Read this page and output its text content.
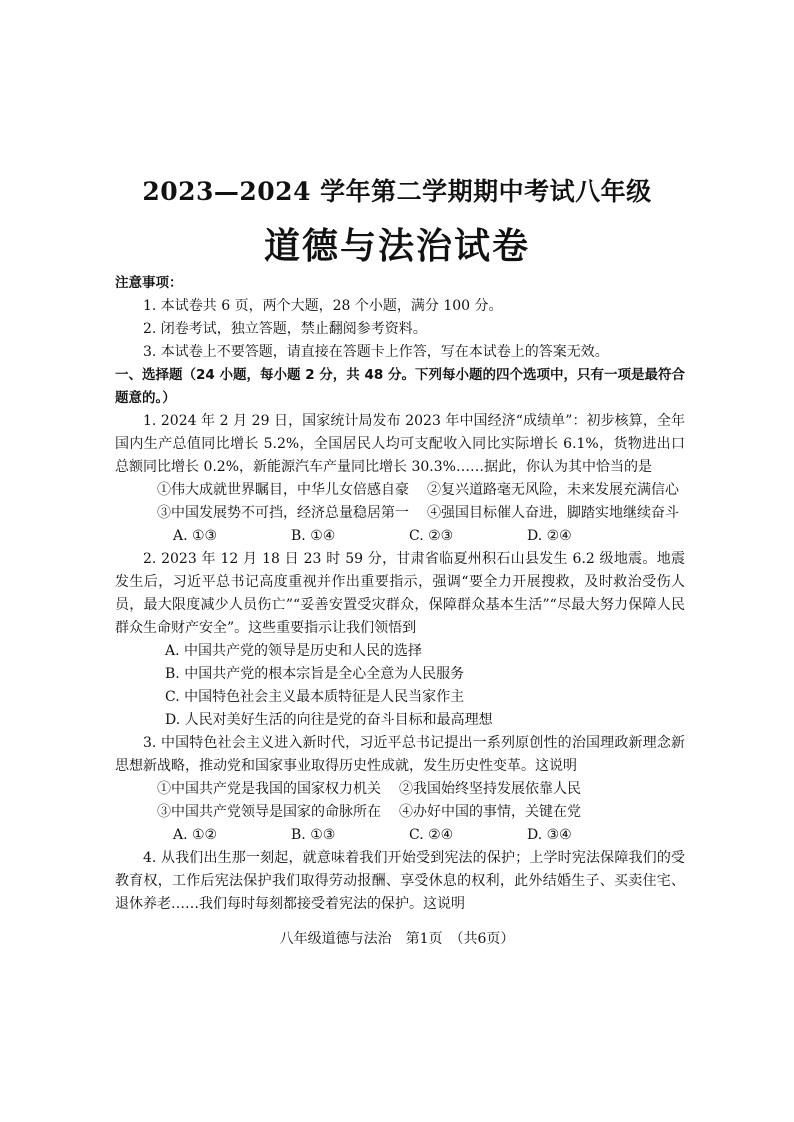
2023—2024 学年第二学期期中考试八年级
道德与法治试卷

注意事项：

1. 本试卷共 6 页，两个大题，28 个小题，满分 100 分。

2. 闭卷考试，独立答题，禁止翻阅参考资料。

3. 本试卷上不要答题，请直接在答题卡上作答，写在本试卷上的答案无效。

一、选择题（24 小题，每小题 2 分，共 48 分。下列每小题的四个选项中，只有一项是最符合题意的。）

1. 2024 年 2 月 29 日，国家统计局发布 2023 年中国经济“成绩单”：初步核算，全年国内生产总值同比增长 5.2%，全国居民人均可支配收入同比实际增长 6.1%，货物进出口总额同比增长 0.2%，新能源汽车产量同比增长 30.3%……据此，你认为其中恰当的是

①伟大成就世界瞩目，中华儿女倍感自豪 ②复兴道路毫无风险，未来发展充满信心
③中国发展势不可挡，经济总量稳居第一 ④强国目标催人奋进，脚踏实地继续奋斗
A. ①③	B. ①④	C. ②③	D. ②④

2. 2023 年 12 月 18 日 23 时 59 分，甘肃省临夏州积石山县发生 6.2 级地震。地震发生后，习近平总书记高度重视并作出重要指示，强调“要全力开展搜救，及时救治受伤人员，最大限度减少人员伤亡”“妥善安置受灾群众，保障群众基本生活”“尽最大努力保障人民群众生命财产安全”。这些重要指示让我们领悟到

A. 中国共产党的领导是历史和人民的选择

B. 中国共产党的根本宗旨是全心全意为人民服务

C. 中国特色社会主义最本质特征是人民当家作主

D. 人民对美好生活的向往是党的奋斗目标和最高理想

3. 中国特色社会主义进入新时代，习近平总书记提出一系列原创性的治国理政新理念新思想新战略，推动党和国家事业取得历史性成就，发生历史性变革。这说明

①中国共产党是我国的国家权力机关 ②我国始终坚持发展依靠人民
③中国共产党领导是国家的命脉所在 ④办好中国的事情，关键在党
A. ①②	B. ①③	C. ②④	D. ③④

4. 从我们出生那一刻起，就意味着我们开始受到宪法的保护；上学时宪法保障我们的受教育权，工作后宪法保护我们取得劳动报酬、享受休息的权利，此外结婚生子、买卖住宅、退休养老……我们每时每刻都接受着宪法的保护。这说明

八年级道德与法治　第1页　（共6页）
